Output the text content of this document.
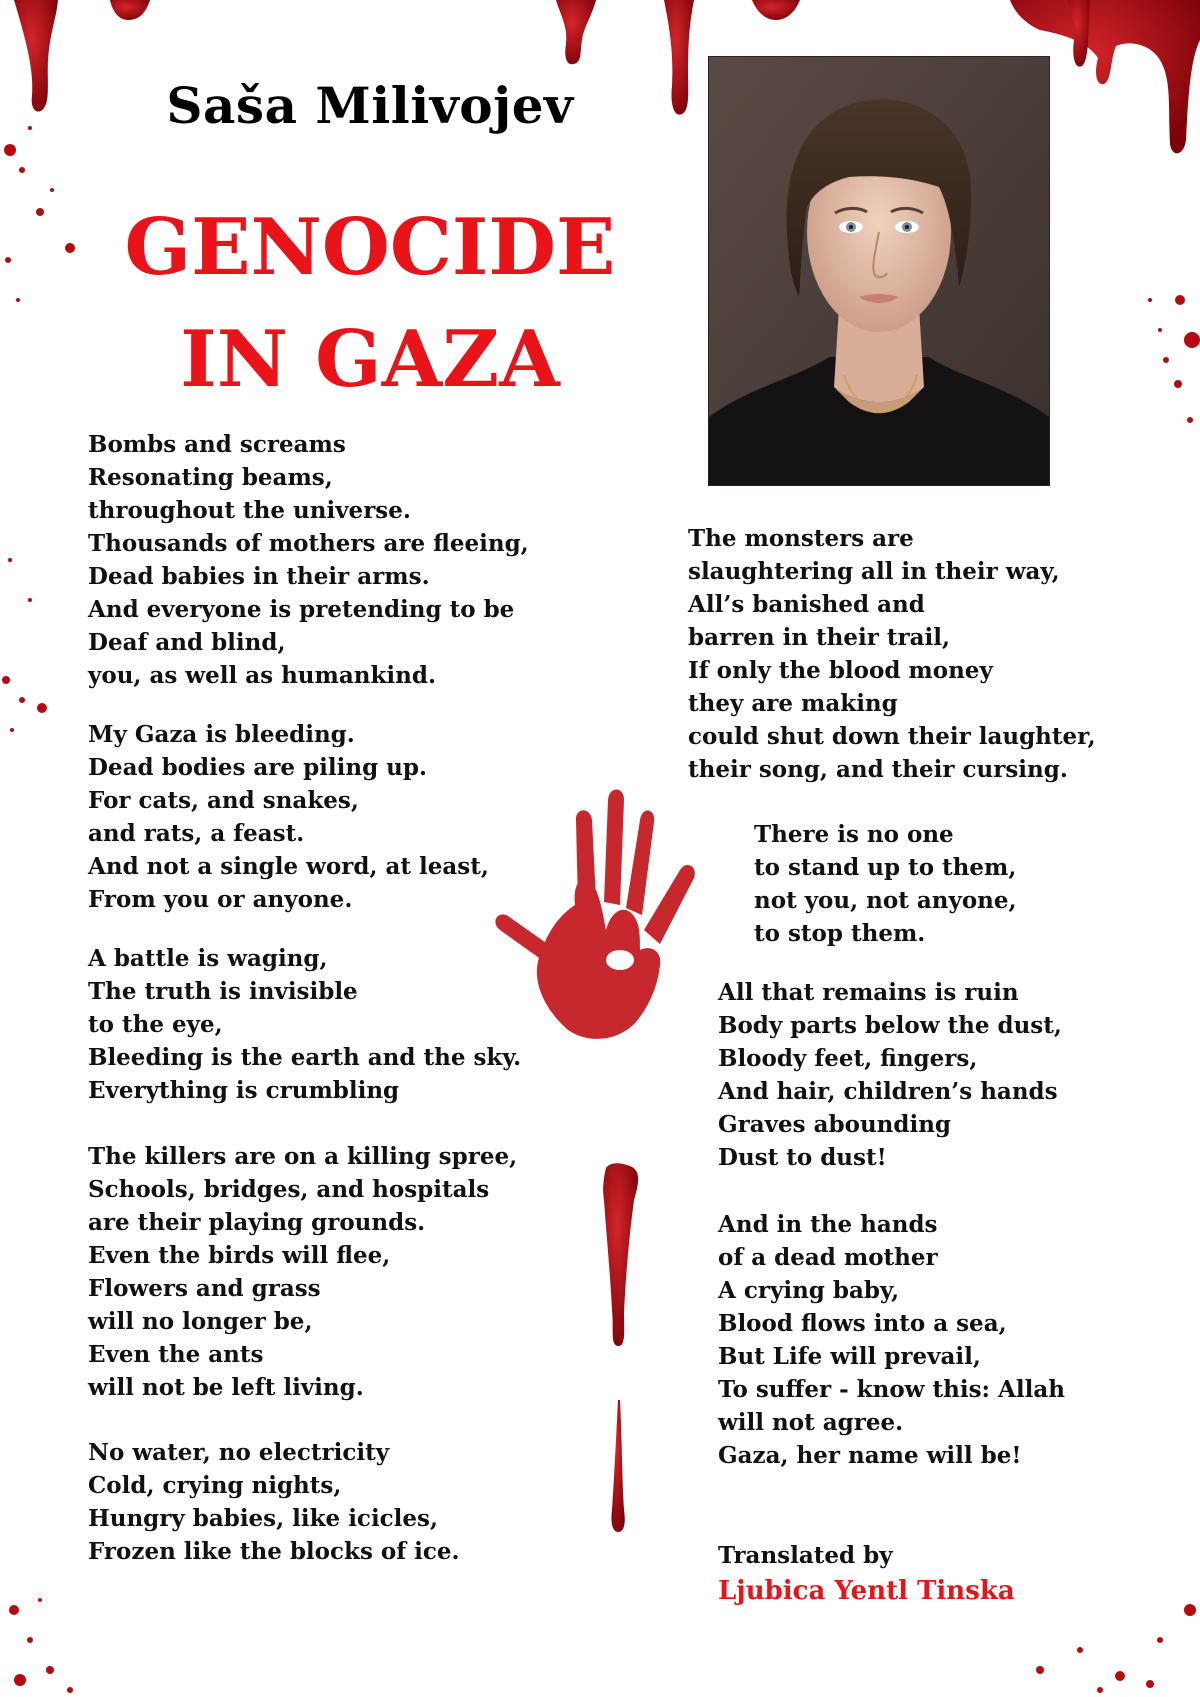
Saša Milivojev
GENOCIDE
IN GAZA

Bombs and screams
Resonating beams,
throughout the universe.
Thousands of mothers are fleeing,
Dead babies in their arms.
And everyone is pretending to be
Deaf and blind,
you, as well as humankind.

My Gaza is bleeding.
Dead bodies are piling up.
For cats, and snakes,
and rats, a feast.
And not a single word, at least,
From you or anyone.

A battle is waging,
The truth is invisible
to the eye,
Bleeding is the earth and the sky.
Everything is crumbling

The killers are on a killing spree,
Schools, bridges, and hospitals
are their playing grounds.
Even the birds will flee,
Flowers and grass
will no longer be,
Even the ants
will not be left living.

No water, no electricity
Cold, crying nights,
Hungry babies, like icicles,
Frozen like the blocks of ice.

The monsters are
slaughtering all in their way,
All’s banished and
barren in their trail,
If only the blood money
they are making
could shut down their laughter,
their song, and their cursing.

There is no one
to stand up to them,
not you, not anyone,
to stop them.

All that remains is ruin
Body parts below the dust,
Bloody feet, fingers,
And hair, children’s hands
Graves abounding
Dust to dust!

And in the hands
of a dead mother
A crying baby,
Blood flows into a sea,
But Life will prevail,
To suffer - know this: Allah
will not agree.
Gaza, her name will be!

Translated by
Ljubica Yentl Tinska
